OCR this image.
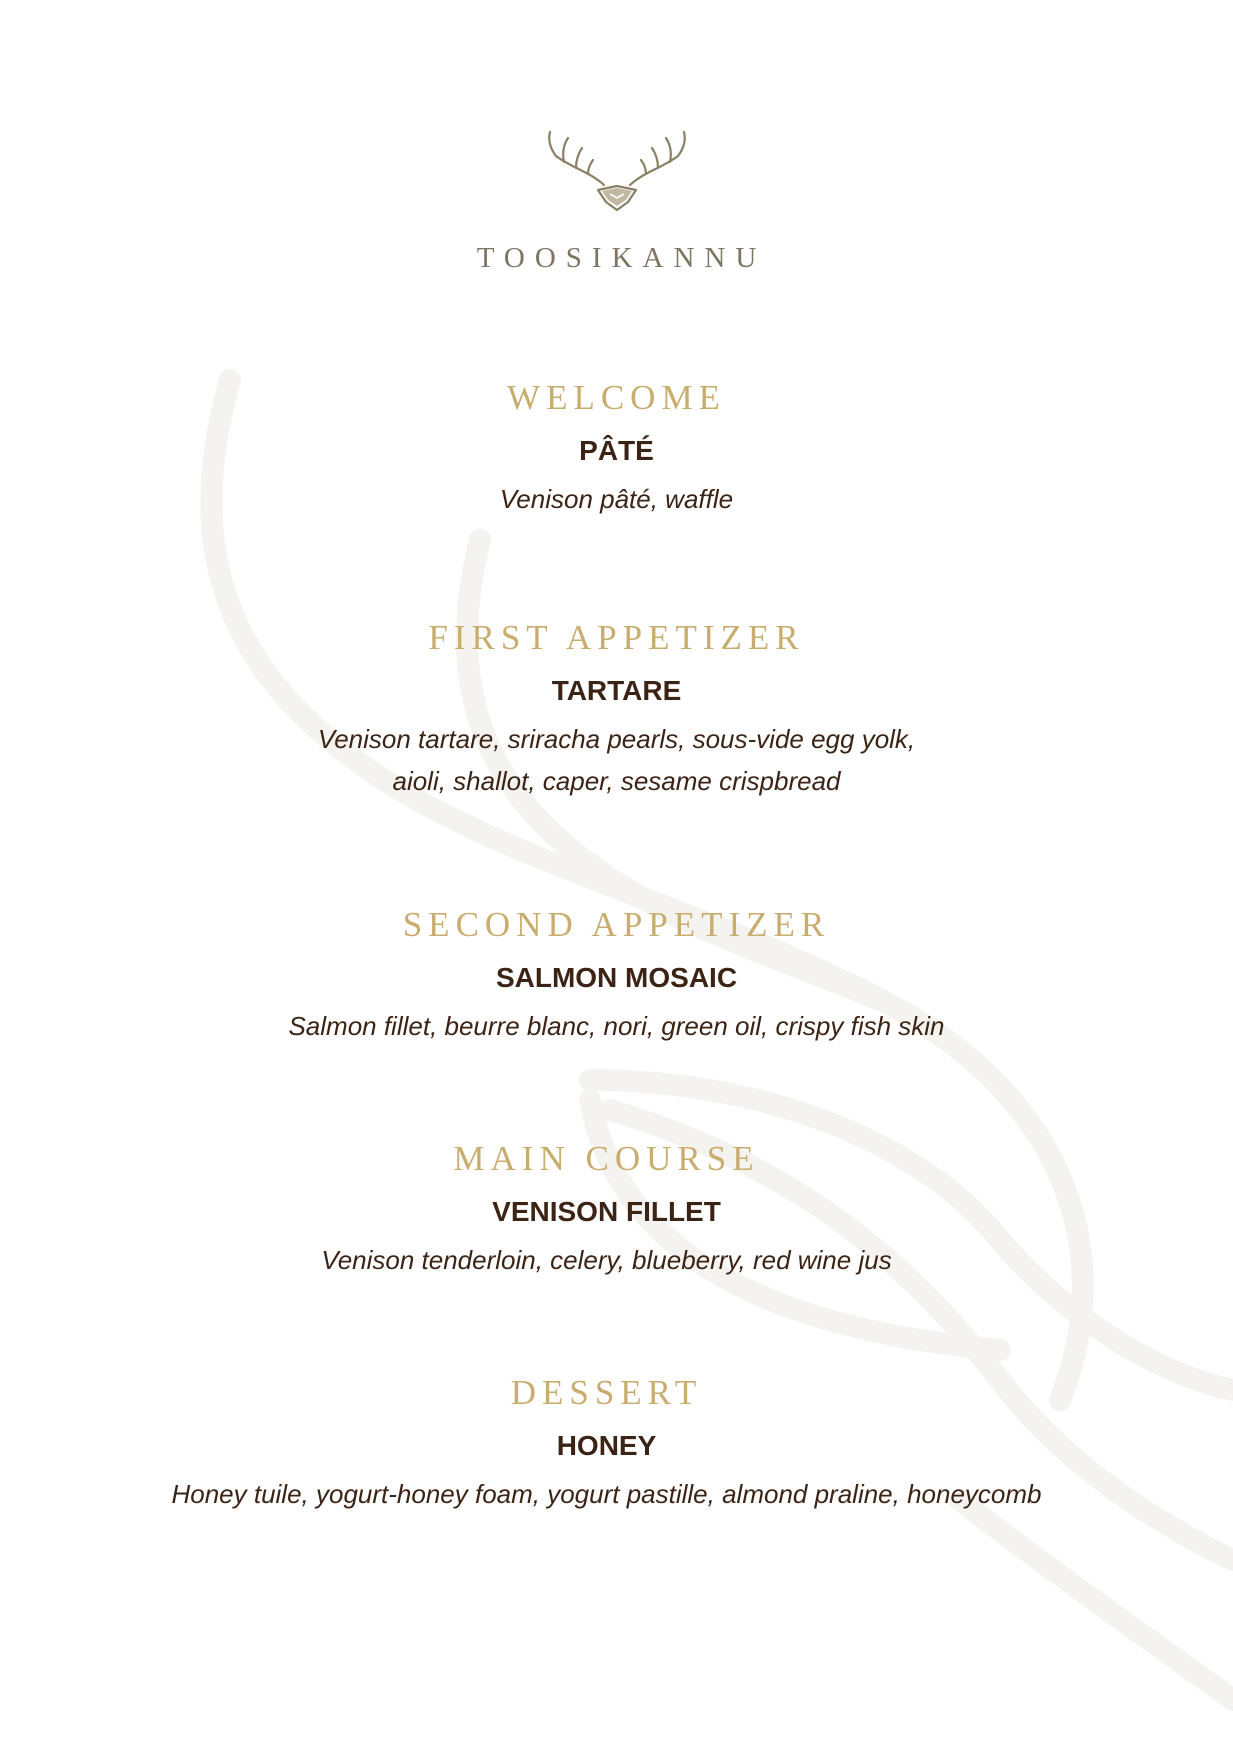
TOOSIKANNU
WELCOME
PÂTÉ
Venison pâté, waffle
FIRST APPETIZER
TARTARE
Venison tartare, sriracha pearls, sous-vide egg yolk,
aioli, shallot, caper, sesame crispbread
SECOND APPETIZER
SALMON MOSAIC
Salmon fillet, beurre blanc, nori, green oil, crispy fish skin
MAIN COURSE
VENISON FILLET
Venison tenderloin, celery, blueberry, red wine jus
DESSERT
HONEY
Honey tuile, yogurt-honey foam, yogurt pastille, almond praline, honeycomb
